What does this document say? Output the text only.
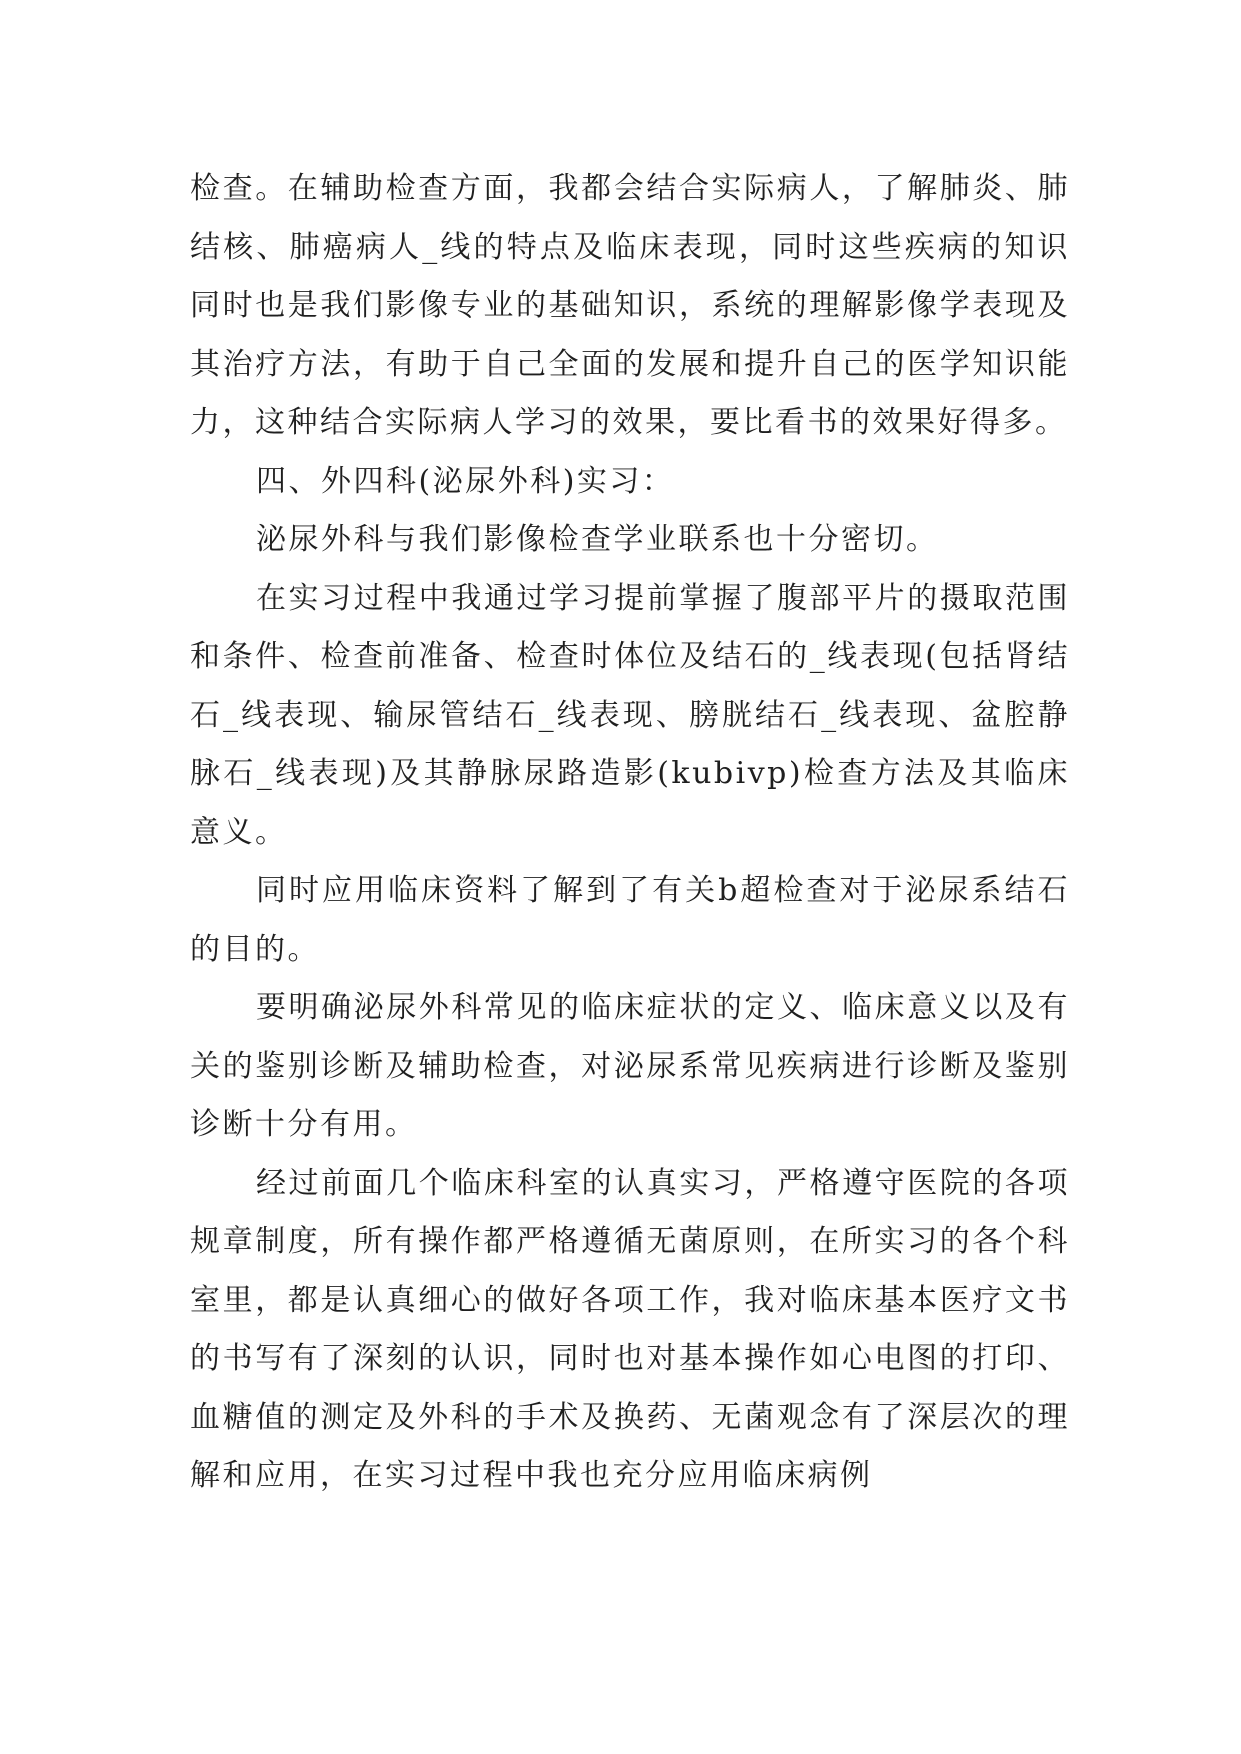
检查。在辅助检查方面，我都会结合实际病人，了解肺炎、肺结核、肺癌病人_线的特点及临床表现，同时这些疾病的知识同时也是我们影像专业的基础知识，系统的理解影像学表现及其治疗方法，有助于自己全面的发展和提升自己的医学知识能力，这种结合实际病人学习的效果，要比看书的效果好得多。

四、外四科(泌尿外科)实习：

泌尿外科与我们影像检查学业联系也十分密切。

在实习过程中我通过学习提前掌握了腹部平片的摄取范围和条件、检查前准备、检查时体位及结石的_线表现(包括肾结石_线表现、输尿管结石_线表现、膀胱结石_线表现、盆腔静脉石_线表现)及其静脉尿路造影(kubivp)检查方法及其临床意义。

同时应用临床资料了解到了有关b超检查对于泌尿系结石的目的。

要明确泌尿外科常见的临床症状的定义、临床意义以及有关的鉴别诊断及辅助检查，对泌尿系常见疾病进行诊断及鉴别诊断十分有用。

经过前面几个临床科室的认真实习，严格遵守医院的各项规章制度，所有操作都严格遵循无菌原则，在所实习的各个科室里，都是认真细心的做好各项工作，我对临床基本医疗文书的书写有了深刻的认识，同时也对基本操作如心电图的打印、血糖值的测定及外科的手术及换药、无菌观念有了深层次的理解和应用，在实习过程中我也充分应用临床病例
